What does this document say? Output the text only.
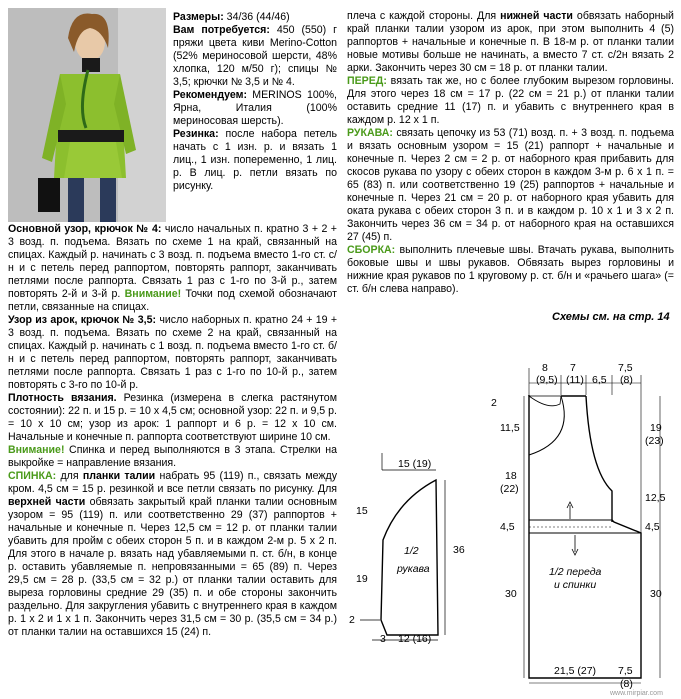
Размеры: 34/36 (44/46)

Вам потребуется: 450 (550) г пряжи цвета киви Merino-Cotton (52% мериносовой шерсти, 48% хлопка, 120 м/50 г); спицы № 3,5; крючки № 3,5 и № 4.

Рекомендуем: MERINOS 100%, Ярна, Италия (100% мериносовая шерсть).

Резинка: после набора петель начать с 1 изн. р. и вязать 1 лиц., 1 изн. попеременно, 1 лиц. р. В лиц. р. петли вязать по рисунку.

Основной узор, крючок № 4: число начальных п. кратно 3 + 2 + 3 возд. п. подъема. Вязать по схеме 1 на край, связанный на спицах. Каждый р. начинать с 3 возд. п. подъема вместо 1-го ст. с/н и с петель перед раппортом, повторять раппорт, заканчивать петлями после раппорта. Связать 1 раз с 1-го по 3-й р., затем повторять 2-й и 3-й р. Внимание! Точки под схемой обозначают петли, связанные на спицах.

Узор из арок, крючок № 3,5: число наборных п. кратно 24 + 19 + 3 возд. п. подъема. Вязать по схеме 2 на край, связанный на спицах. Каждый р. начинать с 1 возд. п. подъема вместо 1-го ст. б/н и с петель перед раппортом, повторять раппорт, заканчивать петлями после раппорта. Связать 1 раз с 1-го по 10-й р., затем повторять с 3-го по 10-й р.

Плотность вязания. Резинка (измерена в слегка растянутом состоянии): 22 п. и 15 р. = 10 х 4,5 см; основной узор: 22 п. и 9,5 р. = 10 х 10 см; узор из арок: 1 раппорт и 6 р. = 12 х 10 см. Начальные и конечные п. раппорта соответствуют ширине 10 см.

Внимание! Спинка и перед выполняются в 3 этапа. Стрелки на выкройке = направление вязания.

СПИНКА: для планки талии набрать 95 (119) п., связать между кром. 4,5 см = 15 р. резинкой и все петли связать по рисунку. Для верхней части обвязать закрытый край планки талии основным узором = 95 (119) п. или соответственно 29 (37) раппортов + начальные и конечные п. Через 12,5 см = 12 р. от планки талии убавить для пройм с обеих сторон 5 п. и в каждом 2-м р. 5 х 2 п. Для этого в начале р. вязать над убавляемыми п. ст. б/н, в конце р. оставить убавляемые п. непровязанными = 65 (89) п. Через 29,5 см = 28 р. (33,5 см = 32 р.) от планки талии оставить для выреза горловины средние 29 (35) п. и обе стороны закончить раздельно. Для закругления убавить с внутреннего края в каждом р. 1 х 2 и 1 х 1 п. Закончить через 31,5 см = 30 р. (35,5 см = 34 р.) от планки талии на оставшихся 15 (24) п.

плеча с каждой стороны. Для нижней части обвязать наборный край планки талии узором из арок, при этом выполнить 4 (5) раппортов + начальные и конечные п. В 18-м р. от планки талии новые мотивы больше не начинать, а вместо 7 ст. с/2н вязать 2 арки. Закончить через 30 см = 18 р. от планки талии.

ПЕРЕД: вязать так же, но с более глубоким вырезом горловины. Для этого через 18 см = 17 р. (22 см = 21 р.) от планки талии оставить средние 11 (17) п. и убавить с внутреннего края в каждом р. 12 х 1 п.

РУКАВА: связать цепочку из 53 (71) возд. п. + 3 возд. п. подъема и вязать основным узором = 15 (21) раппорт + начальные и конечные п. Через 2 см = 2 р. от наборного края прибавить для скосов рукава по узору с обеих сторон в каждом 3-м р. 6 х 1 п. = 65 (83) п. или соответственно 19 (25) раппортов + начальные и конечные п. Через 21 см = 20 р. от наборного края убавить для оката рукава с обеих сторон 3 п. и в каждом р. 10 х 1 и 3 х 2 п. Закончить через 36 см = 34 р. от наборного края на оставшихся 27 (45) п.

СБОРКА: выполнить плечевые швы. Втачать рукава, выполнить боковые швы и швы рукавов. Обвязать вырез горловины и нижние края рукавов по 1 круговому р. ст. б/н и «рачьего шага» (= ст. б/н слева направо).

Схемы см. на стр. 14
15 (19)
15
19
36
2
3 12 (16)
1/2
рукава
8
(9,5)
7
(11) 6,5
7,5
(8)
2
11,5	19
(23)
18
(22)
12,5
4,5	4,5
30	30
1/2 переда
и спинки
21,5 (27) 7,5
(8)
www.mirpiar.com
